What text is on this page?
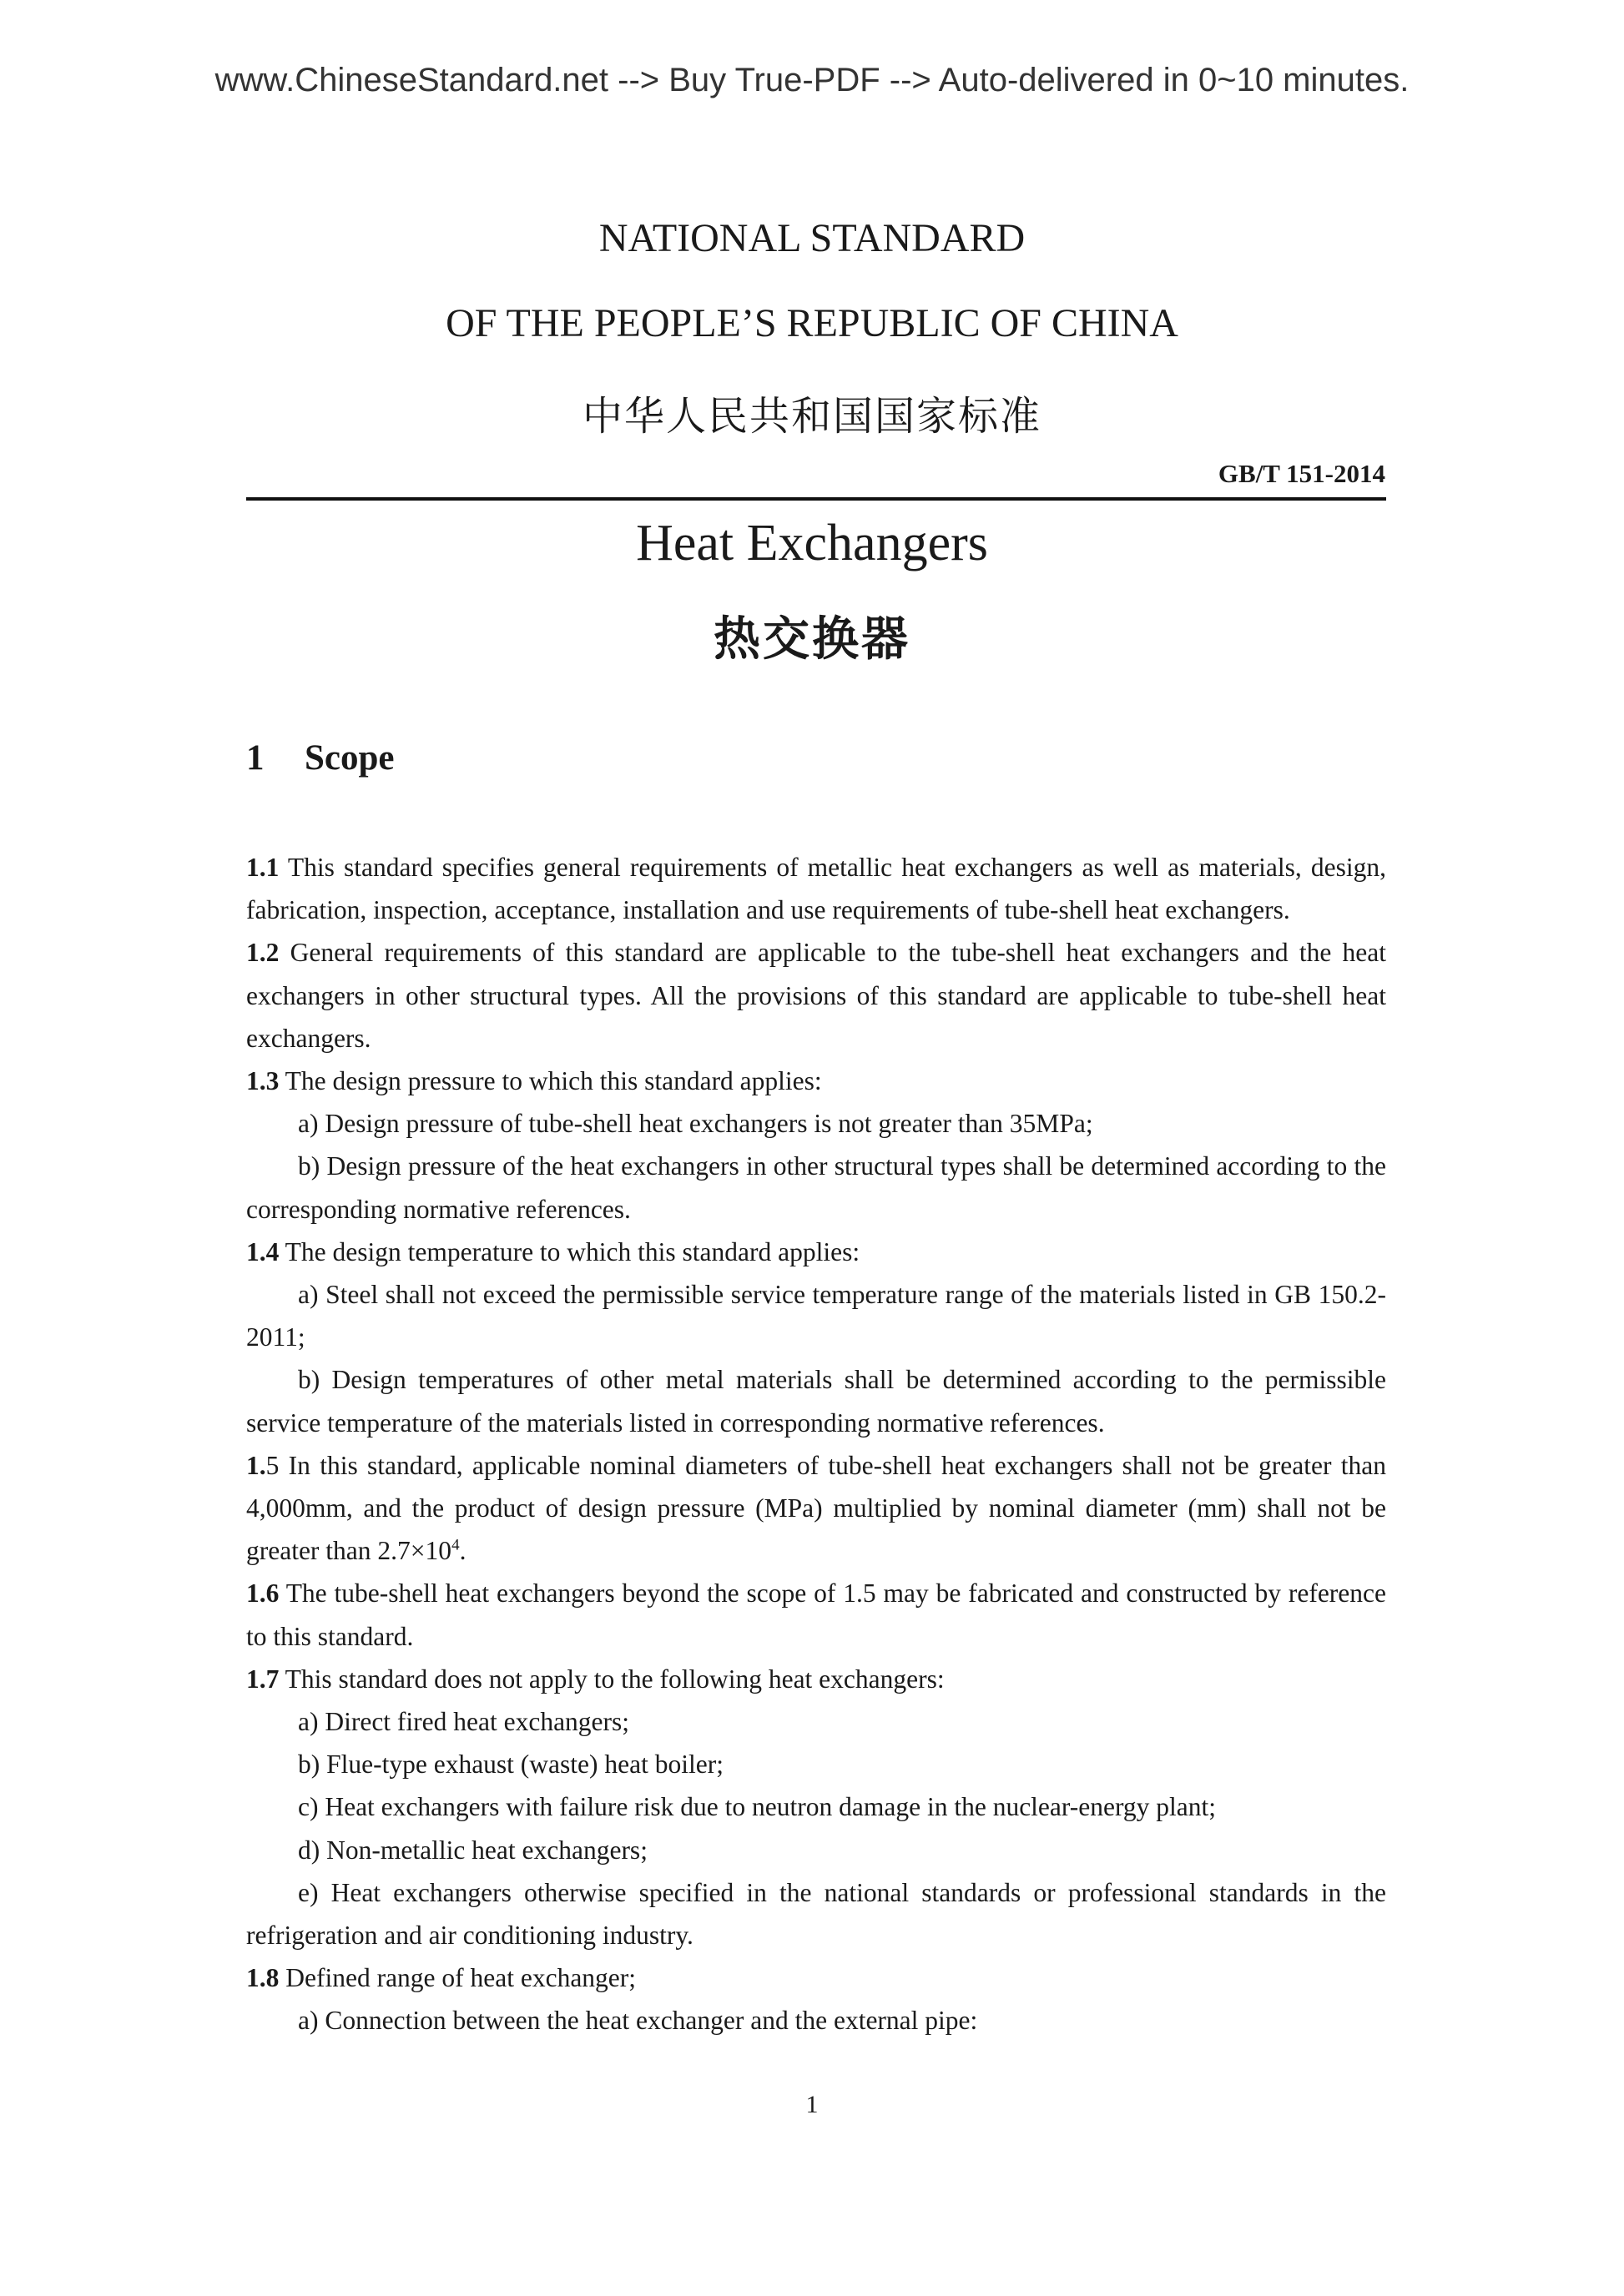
www.ChineseStandard.net --> Buy True-PDF --> Auto-delivered in 0~10 minutes.
NATIONAL STANDARD
OF THE PEOPLE’S REPUBLIC OF CHINA
中华人民共和国国家标准
GB/T 151-2014
Heat Exchangers
热交换器
1 Scope

1.1 This standard specifies general requirements of metallic heat exchangers as well as materials, design, fabrication, inspection, acceptance, installation and use requirements of tube-shell heat exchangers.

1.2 General requirements of this standard are applicable to the tube-shell heat exchangers and the heat exchangers in other structural types. All the provisions of this standard are applicable to tube-shell heat exchangers.

1.3 The design pressure to which this standard applies:

a) Design pressure of tube-shell heat exchangers is not greater than 35MPa;

b) Design pressure of the heat exchangers in other structural types shall be determined according to the corresponding normative references.

1.4 The design temperature to which this standard applies:

a) Steel shall not exceed the permissible service temperature range of the materials listed in GB 150.2-2011;

b) Design temperatures of other metal materials shall be determined according to the permissible service temperature of the materials listed in corresponding normative references.

1.5 In this standard, applicable nominal diameters of tube-shell heat exchangers shall not be greater than 4,000mm, and the product of design pressure (MPa) multiplied by nominal diameter (mm) shall not be greater than $2.7\times 10^4$.

1.6 The tube-shell heat exchangers beyond the scope of 1.5 may be fabricated and constructed by reference to this standard.

1.7 This standard does not apply to the following heat exchangers:

a) Direct fired heat exchangers;

b) Flue-type exhaust (waste) heat boiler;

c) Heat exchangers with failure risk due to neutron damage in the nuclear-energy plant;

d) Non-metallic heat exchangers;

e) Heat exchangers otherwise specified in the national standards or professional standards in the refrigeration and air conditioning industry.

1.8 Defined range of heat exchanger;

a) Connection between the heat exchanger and the external pipe:

1
